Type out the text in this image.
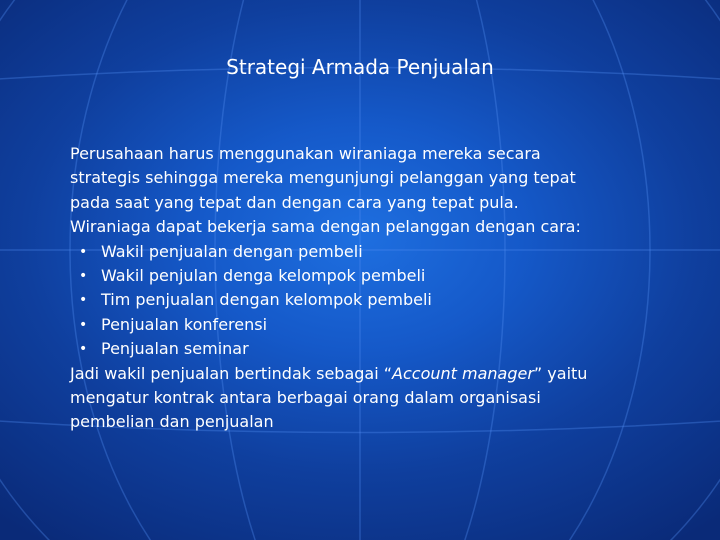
Strategi Armada Penjualan

Perusahaan harus menggunakan wiraniaga mereka secara
strategis sehingga mereka mengunjungi pelanggan yang tepat
pada saat yang tepat dan dengan cara yang tepat pula.
Wiraniaga dapat bekerja sama dengan pelanggan dengan cara:

• Wakil penjualan dengan pembeli
• Wakil penjulan denga kelompok pembeli
• Tim penjualan dengan kelompok pembeli
• Penjualan konferensi
• Penjualan seminar

Jadi wakil penjualan bertindak sebagai “Account manager” yaitu
mengatur kontrak antara berbagai orang dalam organisasi
pembelian dan penjualan
